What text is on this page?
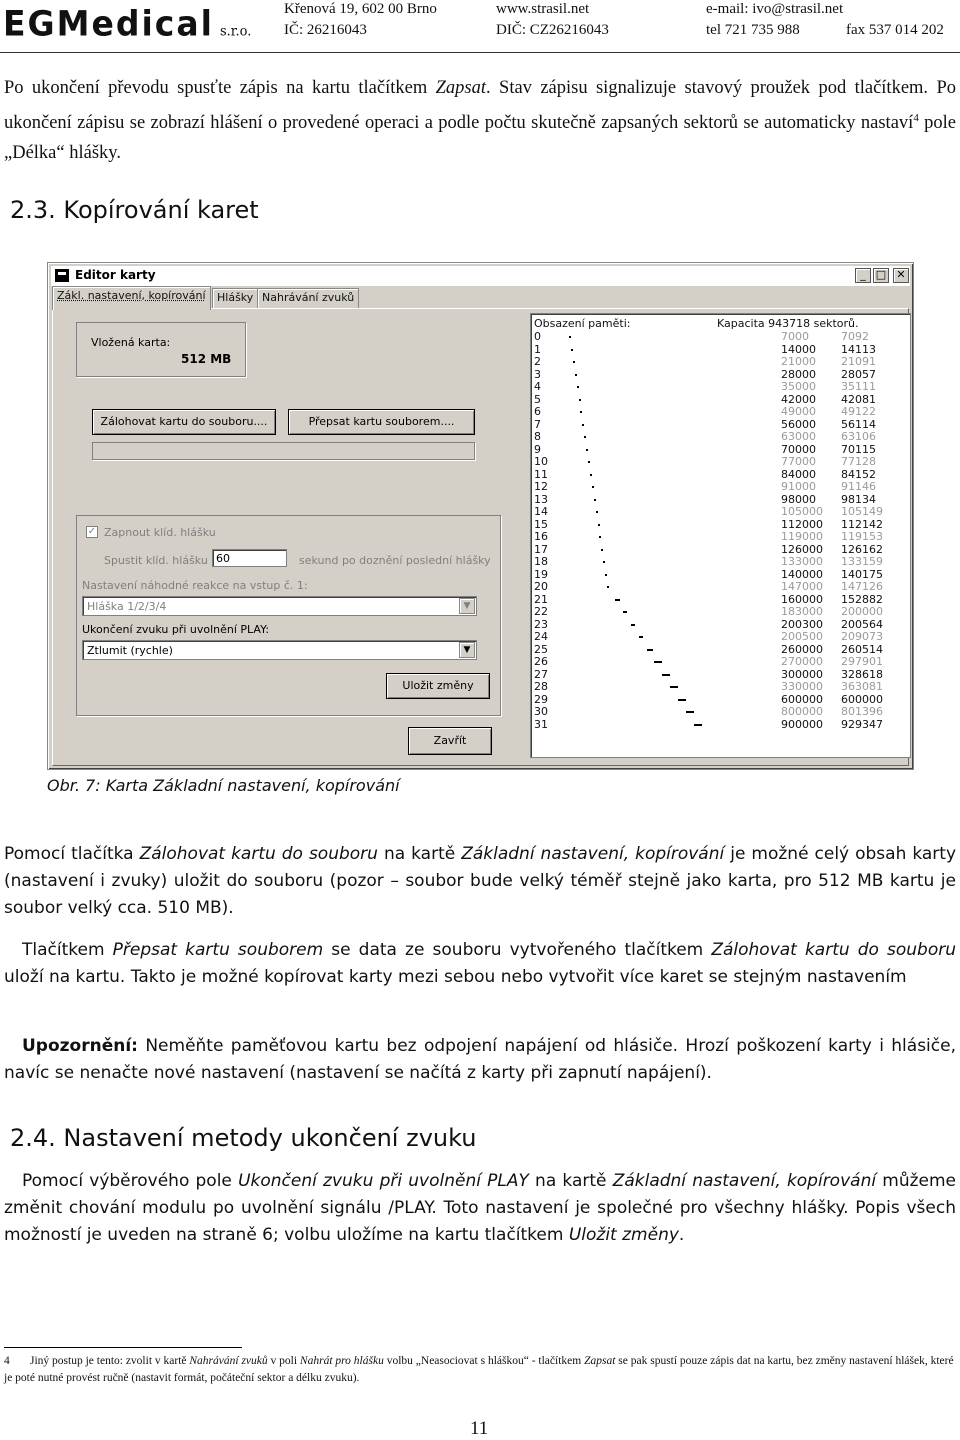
EGMedical s.r.o.
Křenová 19, 602 00 Brno
IČ: 26216043
www.strasil.net
DIČ: CZ26216043
e-mail: ivo@strasil.net
tel 721 735 988	fax 537 014 202
Po ukončení převodu spusťte zápis na kartu tlačítkem Zapsat. Stav zápisu signalizuje stavový proužek pod tlačítkem. Po ukončení zápisu se zobrazí hlášení o provedené operaci a podle počtu skutečně zapsaných sektorů se automaticky nastaví$^4$ pole „Délka“ hlášky.
2.3. Kopírování karet
Editor karty	_ □ ✕
Zákl. nastavení, kopírování	Hlášky Nahrávání zvuků
Vložená karta:
512 MB
Zálohovat kartu do souboru....	Přepsat kartu souborem....
✓ Zapnout klíd. hlášku
Spustit klíd. hlášku 60	sekund po doznění poslední hlášky
Nastavení náhodné reakce na vstup č. 1:
Hláška 1/2/3/4	▼
Ukončení zvuku při uvolnění PLAY:
Ztlumit (rychle)	▼
Uložit změny
Zavřít
Obsazení paměti:	Kapacita 943718 sektorů.
0	7000	7092
1	14000 14113
2	21000 21091
3	28000 28057
4	35000 35111
5	42000 42081
6	49000 49122
7	56000 56114
8	63000 63106
9	70000 70115
10	77000 77128
11	84000 84152
12	91000 91146
13	98000 98134
14	105000 105149
15	112000 112142
16	119000 119153
17	126000 126162
18	133000 133159
19	140000 140175
20	147000 147126
21	160000 152882
22	183000 200000
23	200300 200564
24	200500 209073
25	260000 260514
26	270000 297901
27	300000 328618
28	330000 363081
29	600000 600000
30	800000 801396
31	900000 929347
Obr. 7: Karta Základní nastavení, kopírování
Pomocí tlačítka Zálohovat kartu do souboru na kartě Základní nastavení, kopírování je možné celý obsah karty (nastavení i zvuky) uložit do souboru (pozor – soubor bude velký téměř stejně jako karta, pro 512 MB kartu je soubor velký cca. 510 MB).
Tlačítkem Přepsat kartu souborem se data ze souboru vytvořeného tlačítkem Zálohovat kartu do souboru uloží na kartu. Takto je možné kopírovat karty mezi sebou nebo vytvořit více karet se stejným nastavením
Upozornění: Neměňte paměťovou kartu bez odpojení napájení od hlásiče. Hrozí poškození karty i hlásiče, navíc se nenačte nové nastavení (nastavení se načítá z karty při zapnutí napájení).
2.4. Nastavení metody ukončení zvuku
Pomocí výběrového pole Ukončení zvuku při uvolnění PLAY na kartě Základní nastavení, kopírování můžeme změnit chování modulu po uvolnění signálu /PLAY. Toto nastavení je společné pro všechny hlášky. Popis všech možností je uveden na straně 6; volbu uložíme na kartu tlačítkem Uložit změny.
4 Jiný postup je tento: zvolit v kartě Nahrávání zvuků v poli Nahrát pro hlášku volbu „Neasociovat s hláškou“ - tlačítkem Zapsat se pak spustí pouze zápis dat na kartu, bez změny nastavení hlášek, které je poté nutné provést ručně (nastavit formát, počáteční sektor a délku zvuku).
11
